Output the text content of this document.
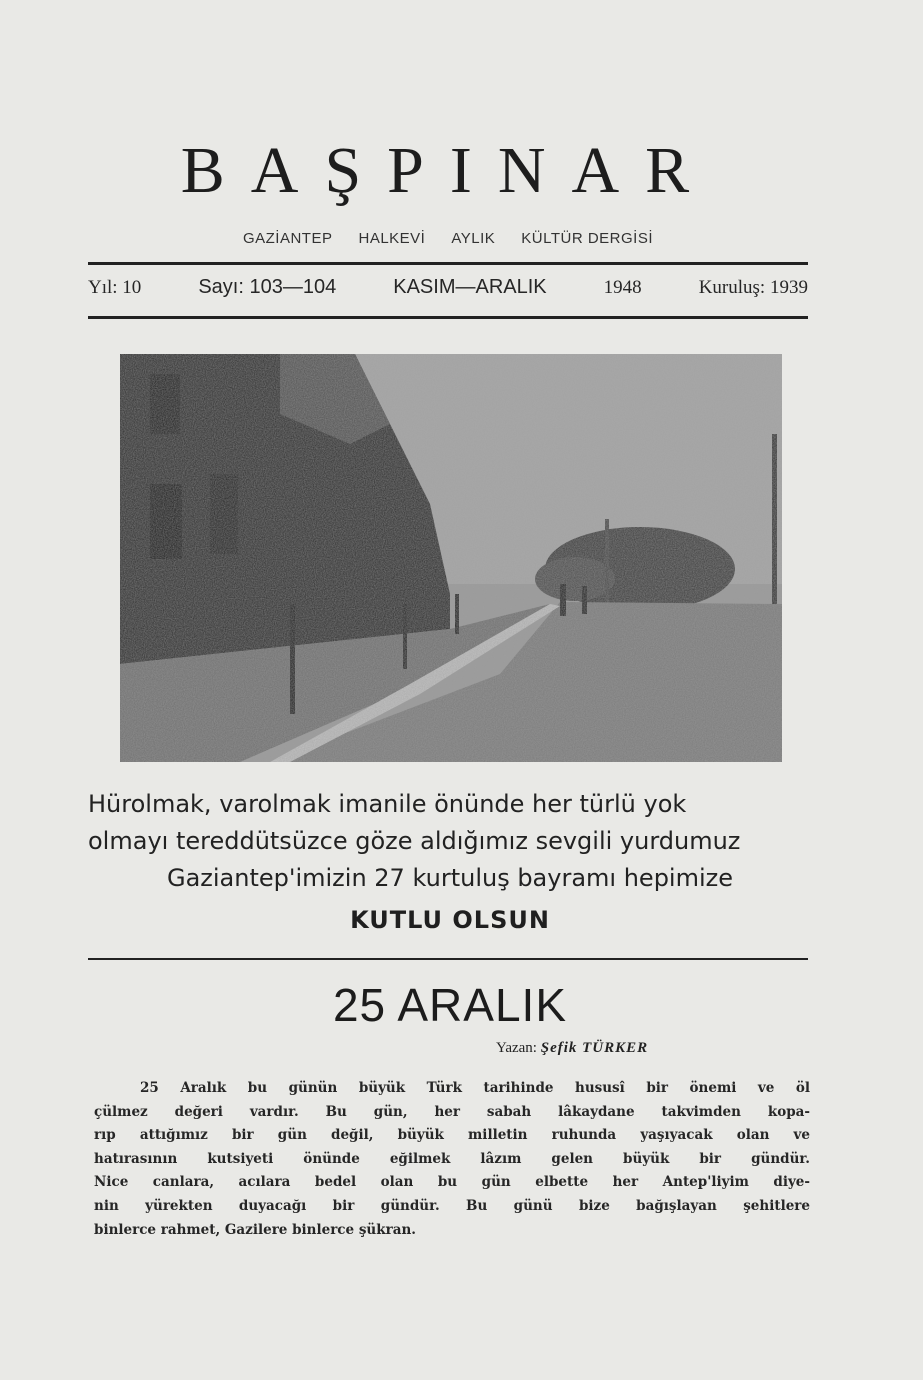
BAŞPINAR
GAZİANTEP HALKEVİ AYLIK KÜLTÜR DERGİSİ
Yıl: 10	Sayı: 103—104	KASIM—ARALIK	1948	Kuruluş: 1939

Hürolmak, varolmak imanile önünde her türlü yok

olmayı tereddütsüzce göze aldığımız sevgili yurdumuz

Gaziantep'imizin 27 kurtuluş bayramı hepimize

KUTLU OLSUN
25 ARALIK
Yazan: Şefik TÜRKER
25 Aralık bu günün büyük Türk tarihinde hususî bir önemi ve öl
çülmez değeri vardır. Bu gün, her sabah lâkaydane takvimden kopa-
rıp attığımız bir gün değil, büyük milletin ruhunda yaşıyacak olan ve
hatırasının kutsiyeti önünde eğilmek lâzım gelen büyük bir gündür.
Nice canlara, acılara bedel olan bu gün elbette her Antep'liyim diye-
nin yürekten duyacağı bir gündür. Bu günü bize bağışlayan şehitlere
binlerce rahmet, Gazilere binlerce şükran.
